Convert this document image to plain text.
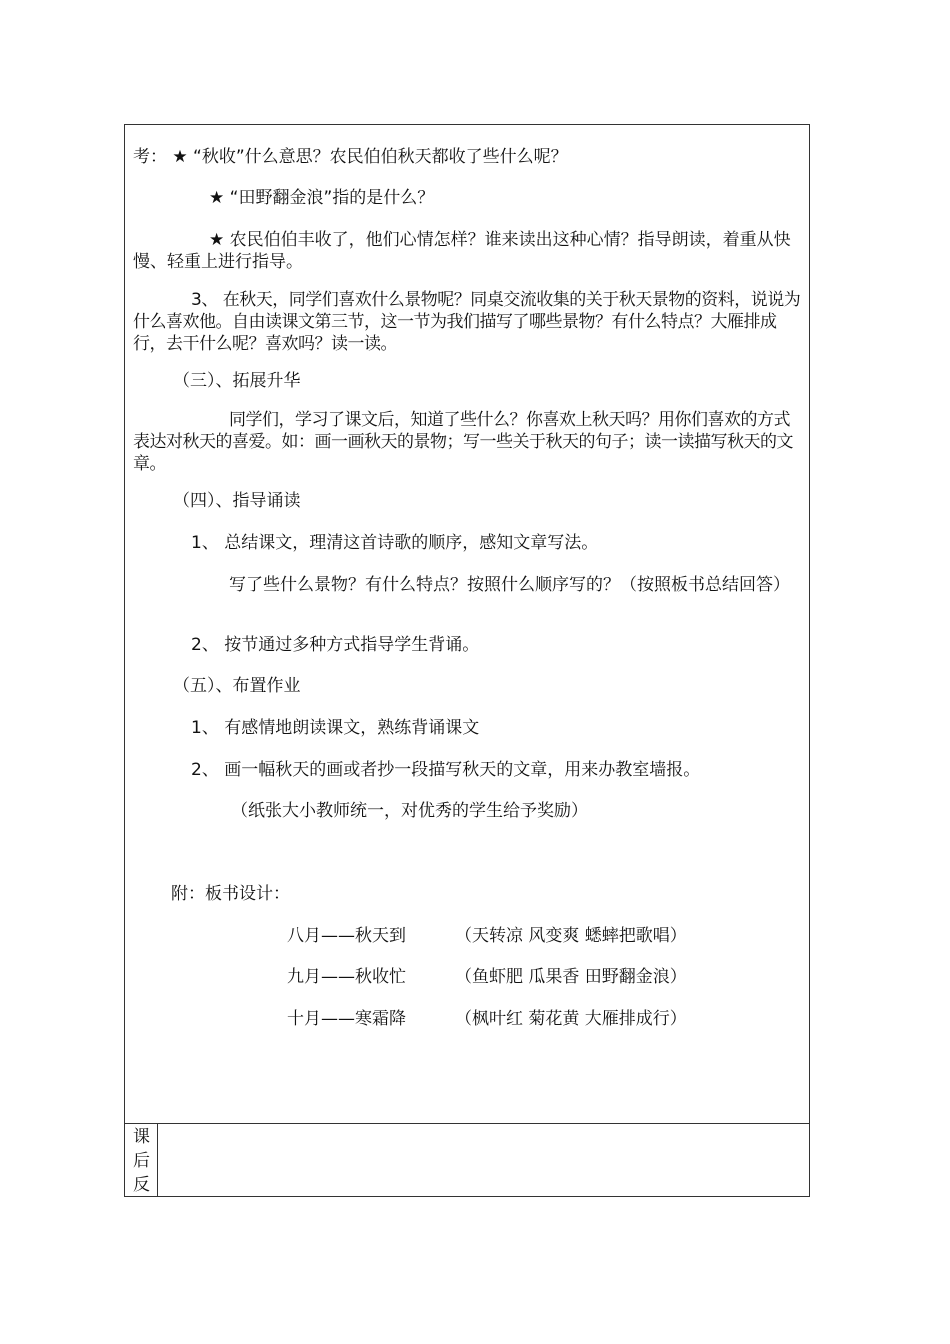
考： ★ “秋收”什么意思？农民伯伯秋天都收了些什么呢？
★ “田野翻金浪”指的是什么？
★ 农民伯伯丰收了，他们心情怎样？谁来读出这种心情？指导朗读，着重从快慢、轻重上进行指导。
3、 在秋天，同学们喜欢什么景物呢？同桌交流收集的关于秋天景物的资料，说说为什么喜欢他。自由读课文第三节，这一节为我们描写了哪些景物？有什么特点？大雁排成行，去干什么呢？喜欢吗？读一读。
（三）、拓展升华
同学们，学习了课文后，知道了些什么？你喜欢上秋天吗？用你们喜欢的方式表达对秋天的喜爱。如：画一画秋天的景物；写一些关于秋天的句子；读一读描写秋天的文章。
（四）、指导诵读
1、 总结课文，理清这首诗歌的顺序，感知文章写法。
写了些什么景物？有什么特点？按照什么顺序写的？（按照板书总结回答）
2、 按节通过多种方式指导学生背诵。
（五）、布置作业
1、 有感情地朗读课文，熟练背诵课文
2、 画一幅秋天的画或者抄一段描写秋天的文章，用来办教室墙报。
（纸张大小教师统一，对优秀的学生给予奖励）
附：板书设计：
八月——秋天到	（天转凉 风变爽 蟋蟀把歌唱）
九月——秋收忙	（鱼虾肥 瓜果香 田野翻金浪）
十月——寒霜降	（枫叶红 菊花黄 大雁排成行）
课后反
